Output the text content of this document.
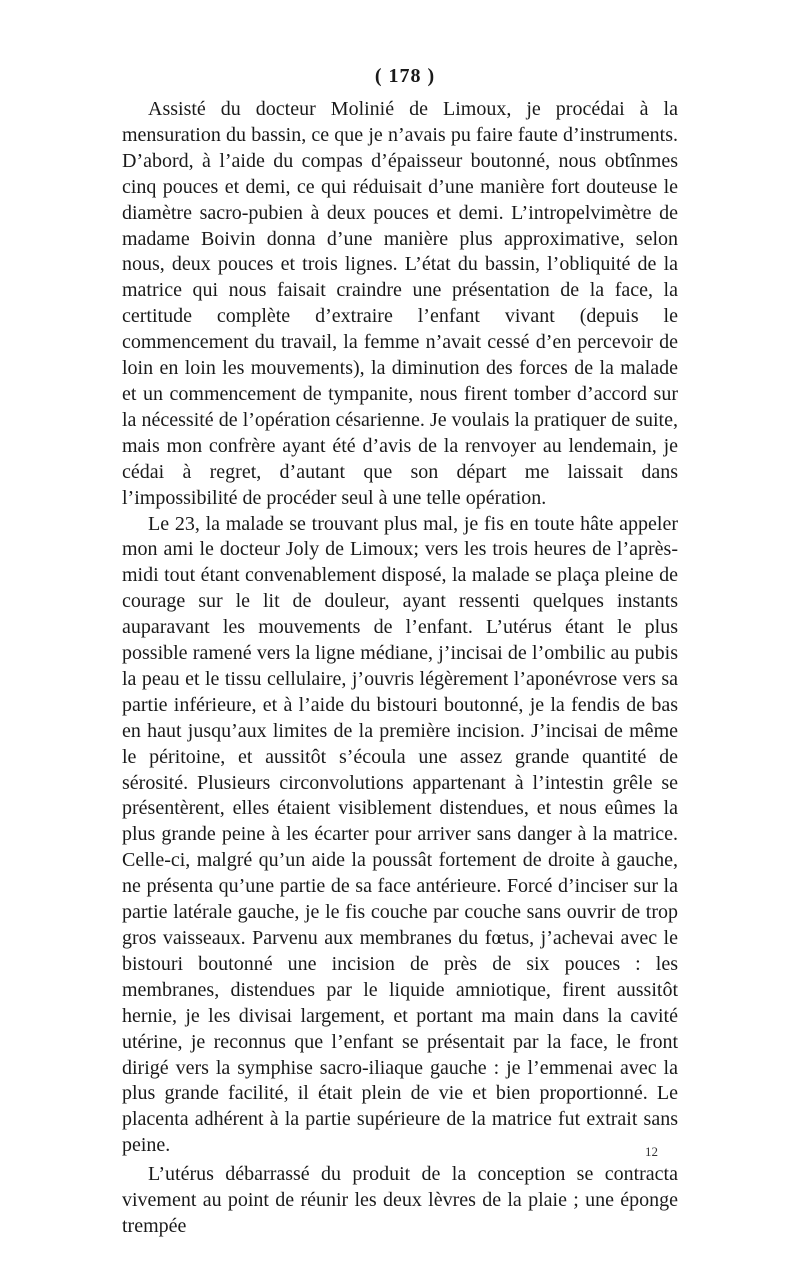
( 178 )

Assisté du docteur Molinié de Limoux, je procédai à la mensuration du bassin, ce que je n’avais pu faire faute d’instruments. D’abord, à l’aide du compas d’épaisseur boutonné, nous obtînmes cinq pouces et demi, ce qui réduisait d’une manière fort douteuse le diamètre sacro-pubien à deux pouces et demi. L’intropelvimètre de madame Boivin donna d’une manière plus approximative, selon nous, deux pouces et trois lignes. L’état du bassin, l’obliquité de la matrice qui nous faisait craindre une présentation de la face, la certitude complète d’extraire l’enfant vivant (depuis le commencement du travail, la femme n’avait cessé d’en percevoir de loin en loin les mouvements), la diminution des forces de la malade et un commencement de tympanite, nous firent tomber d’accord sur la nécessité de l’opération césarienne. Je voulais la pratiquer de suite, mais mon confrère ayant été d’avis de la renvoyer au lendemain, je cédai à regret, d’autant que son départ me laissait dans l’impossibilité de procéder seul à une telle opération.

Le 23, la malade se trouvant plus mal, je fis en toute hâte appeler mon ami le docteur Joly de Limoux; vers les trois heures de l’après-midi tout étant convenablement disposé, la malade se plaça pleine de courage sur le lit de douleur, ayant ressenti quelques instants auparavant les mouvements de l’enfant. L’utérus étant le plus possible ramené vers la ligne médiane, j’incisai de l’ombilic au pubis la peau et le tissu cellulaire, j’ouvris légèrement l’aponévrose vers sa partie inférieure, et à l’aide du bistouri boutonné, je la fendis de bas en haut jusqu’aux limites de la première incision. J’incisai de même le péritoine, et aussitôt s’écoula une assez grande quantité de sérosité. Plusieurs circonvolutions appartenant à l’intestin grêle se présentèrent, elles étaient visiblement distendues, et nous eûmes la plus grande peine à les écarter pour arriver sans danger à la matrice. Celle-ci, malgré qu’un aide la poussât fortement de droite à gauche, ne présenta qu’une partie de sa face antérieure. Forcé d’inciser sur la partie latérale gauche, je le fis couche par couche sans ouvrir de trop gros vaisseaux. Parvenu aux membranes du fœtus, j’achevai avec le bistouri boutonné une incision de près de six pouces : les membranes, distendues par le liquide amniotique, firent aussitôt hernie, je les divisai largement, et portant ma main dans la cavité utérine, je reconnus que l’enfant se présentait par la face, le front dirigé vers la symphise sacro-iliaque gauche : je l’emmenai avec la plus grande facilité, il était plein de vie et bien proportionné. Le placenta adhérent à la partie supérieure de la matrice fut extrait sans peine.	12

L’utérus débarrassé du produit de la conception se contracta vivement au point de réunir les deux lèvres de la plaie ; une éponge trempée
